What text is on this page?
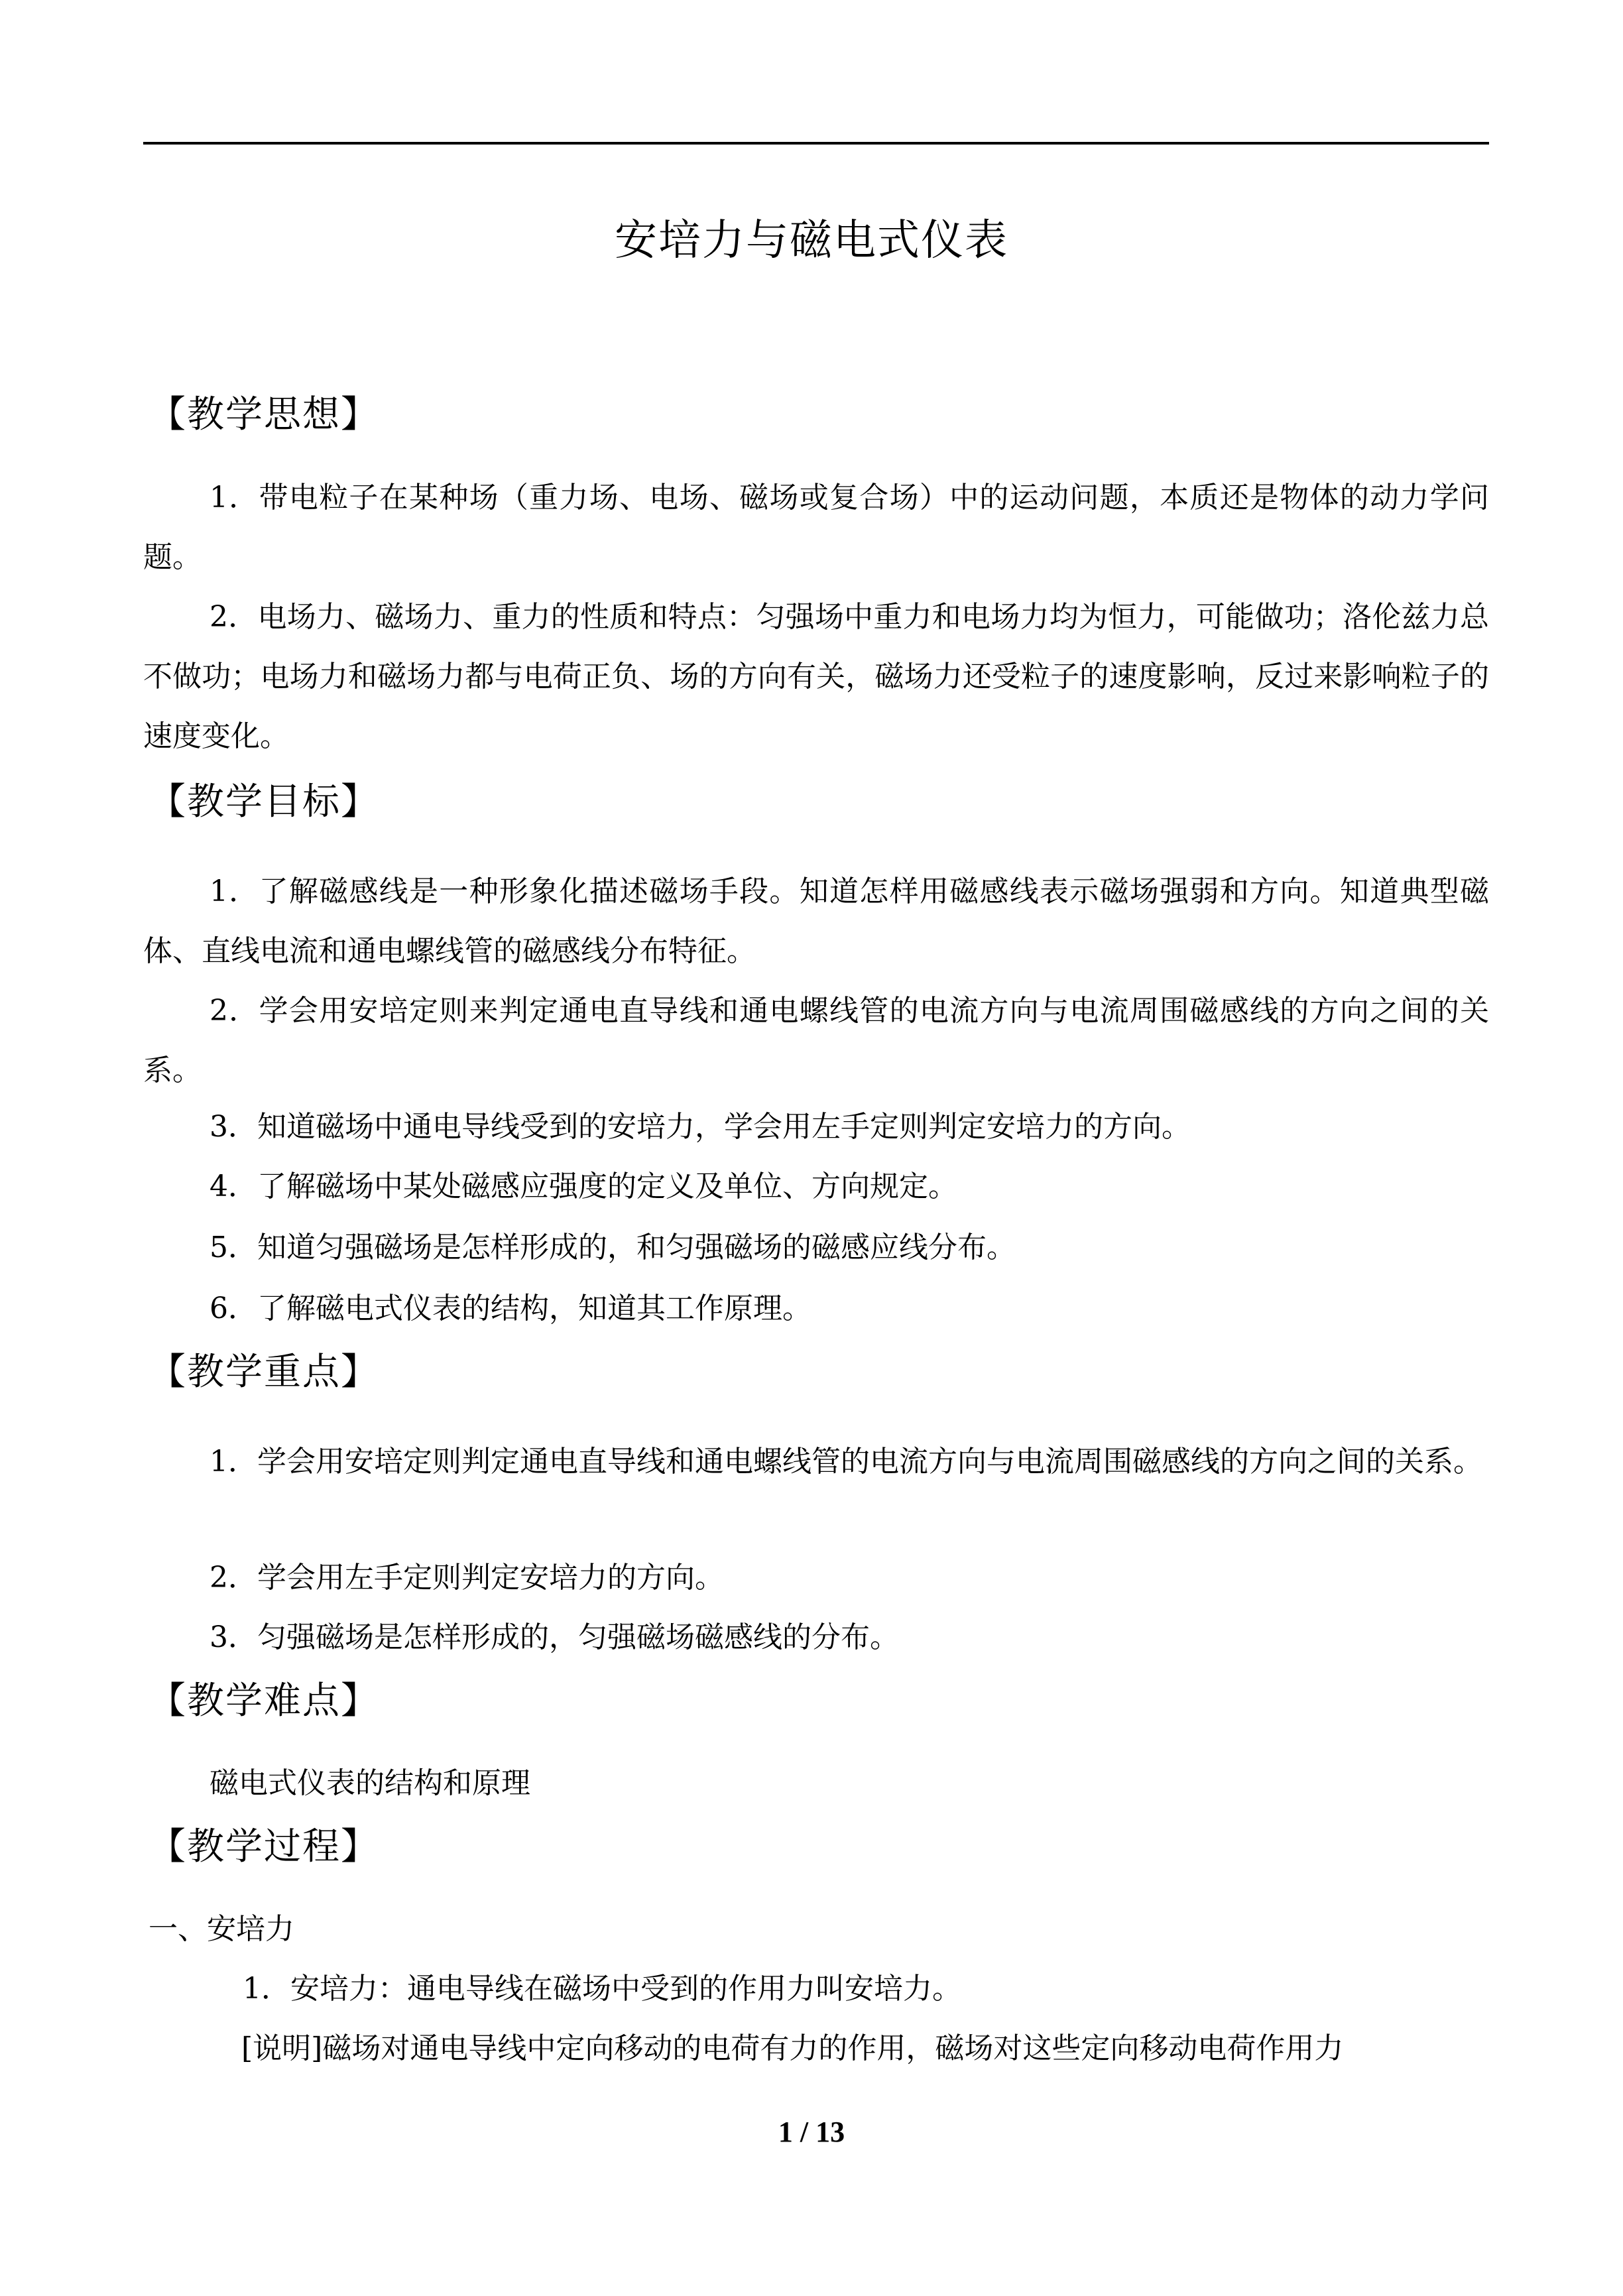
安培力与磁电式仪表
【教学思想】
1．带电粒子在某种场（重力场、电场、磁场或复合场）中的运动问题，本质还是物体的动力学问题。
2．电场力、磁场力、重力的性质和特点：匀强场中重力和电场力均为恒力，可能做功；洛伦兹力总不做功；电场力和磁场力都与电荷正负、场的方向有关，磁场力还受粒子的速度影响，反过来影响粒子的速度变化。
【教学目标】
1．了解磁感线是一种形象化描述磁场手段。知道怎样用磁感线表示磁场强弱和方向。知道典型磁体、直线电流和通电螺线管的磁感线分布特征。
2．学会用安培定则来判定通电直导线和通电螺线管的电流方向与电流周围磁感线的方向之间的关系。
3．知道磁场中通电导线受到的安培力，学会用左手定则判定安培力的方向。
4．了解磁场中某处磁感应强度的定义及单位、方向规定。
5．知道匀强磁场是怎样形成的，和匀强磁场的磁感应线分布。
6．了解磁电式仪表的结构，知道其工作原理。
【教学重点】
1．学会用安培定则判定通电直导线和通电螺线管的电流方向与电流周围磁感线的方向之间的关系。
2．学会用左手定则判定安培力的方向。
3．匀强磁场是怎样形成的，匀强磁场磁感线的分布。
【教学难点】
磁电式仪表的结构和原理
【教学过程】
一、安培力
1．安培力：通电导线在磁场中受到的作用力叫安培力。
[说明]磁场对通电导线中定向移动的电荷有力的作用，磁场对这些定向移动电荷作用力
1 / 13
